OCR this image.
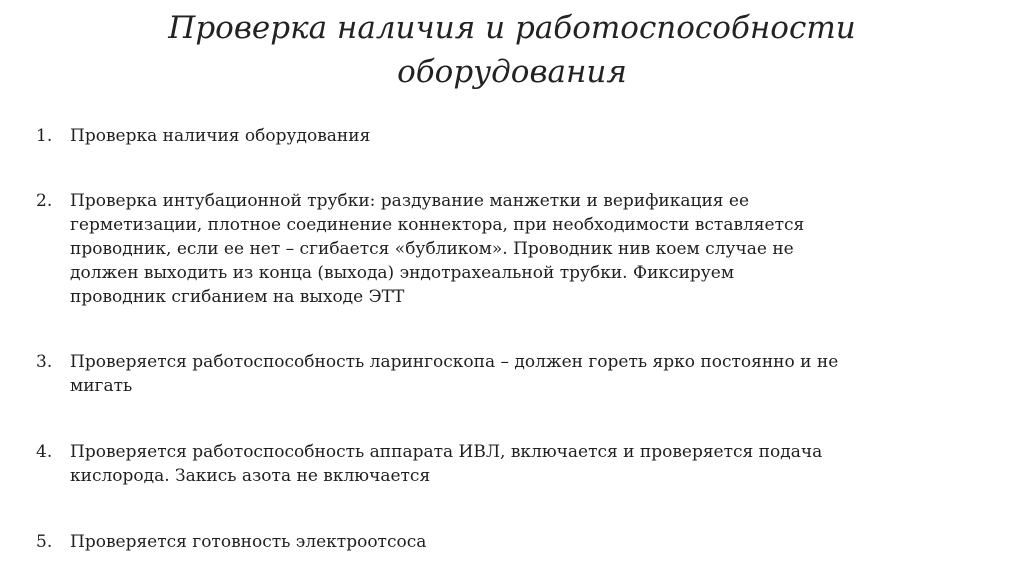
Проверка наличия и работоспособности
оборудования
1.	Проверка наличия оборудования
2.	Проверка интубационной трубки: раздувание манжетки и верификация ее
герметизации, плотное соединение коннектора, при необходимости вставляется
проводник, если ее нет – сгибается «бубликом». Проводник нив коем случае не
должен выходить из конца (выхода) эндотрахеальной трубки. Фиксируем
проводник сгибанием на выходе ЭТТ
3.	Проверяется работоспособность ларингоскопа – должен гореть ярко постоянно и не
мигать
4.	Проверяется работоспособность аппарата ИВЛ, включается и проверяется подача
кислорода. Закись азота не включается
5.	Проверяется готовность электроотсоса
